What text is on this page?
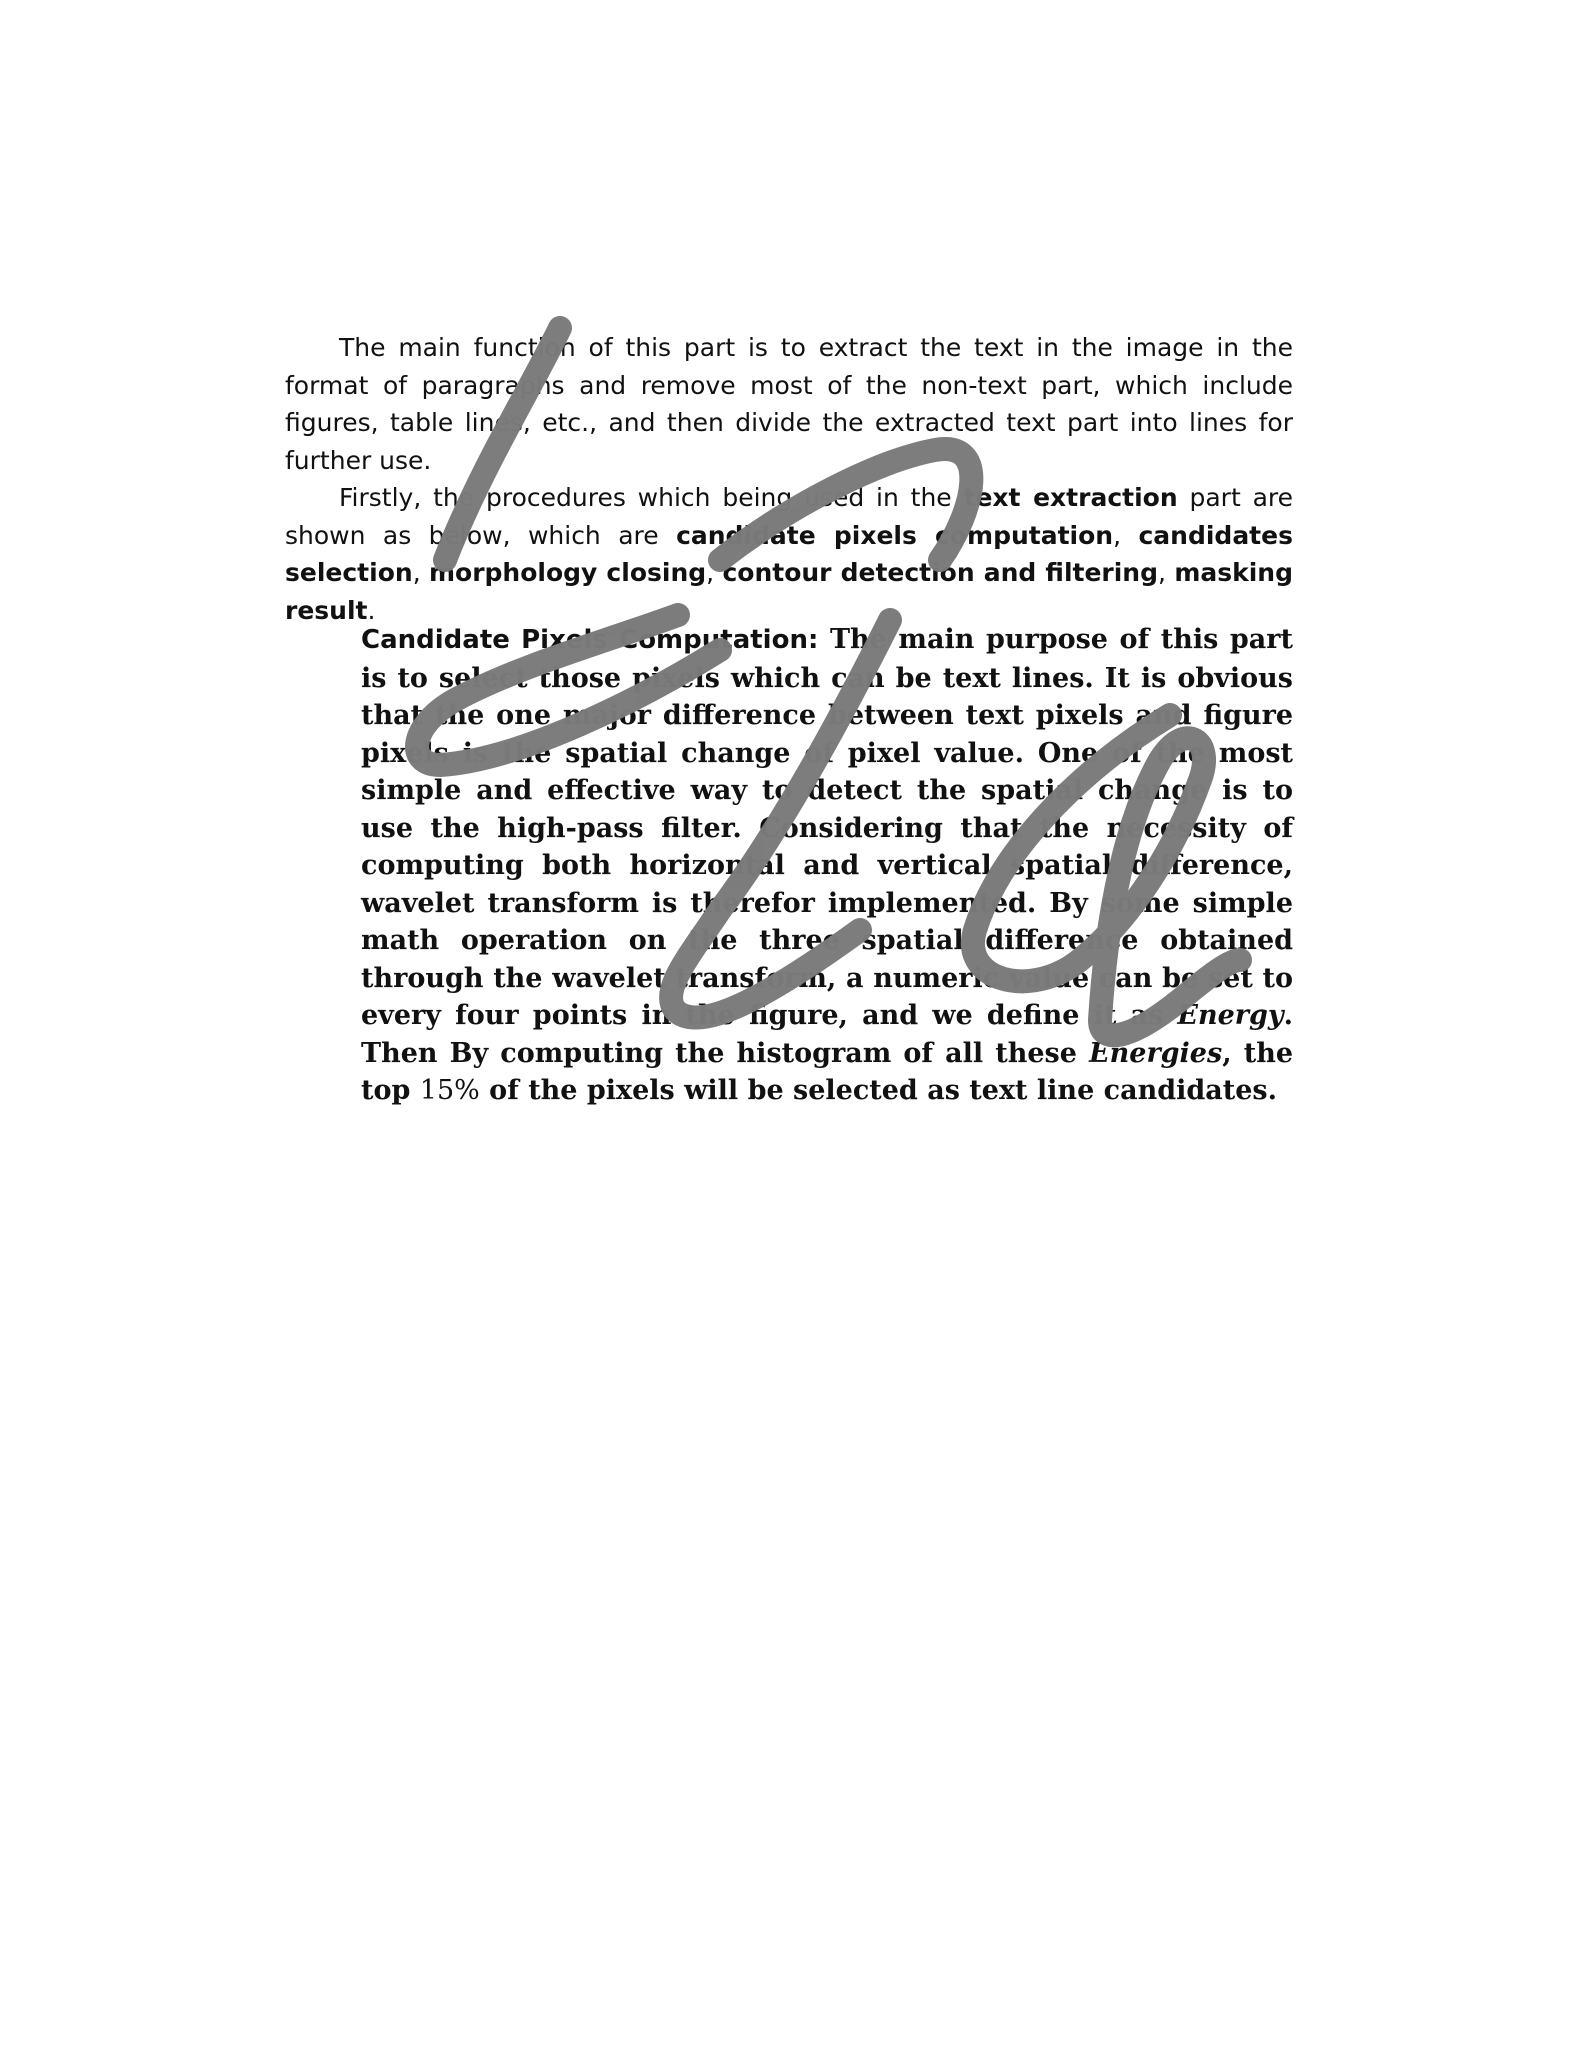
The main function of this part is to extract the text in the image in the format of paragraphs and remove most of the non-text part, which include figures, table lines, etc., and then divide the extracted text part into lines for further use.

Firstly, the procedures which being used in the text extraction part are shown as below, which are candidate pixels computation, candidates selection, morphology closing, contour detection and filtering, masking result.

Candidate Pixels Computation: The main purpose of this part is to select those pixels which can be text lines. It is obvious that the one major difference between text pixels and figure pixels is the spatial change of pixel value. One of the most simple and effective way to detect the spatial change is to use the high-pass filter. Considering that the necessity of computing both horizontal and vertical spatial difference, wavelet transform is therefor implemented. By some simple math operation on the three spatial difference obtained through the wavelet transform, a numeric value can be set to every four points in the figure, and we define it as Energy. Then By computing the histogram of all these Energies, the top 15% of the pixels will be selected as text line candidates.
